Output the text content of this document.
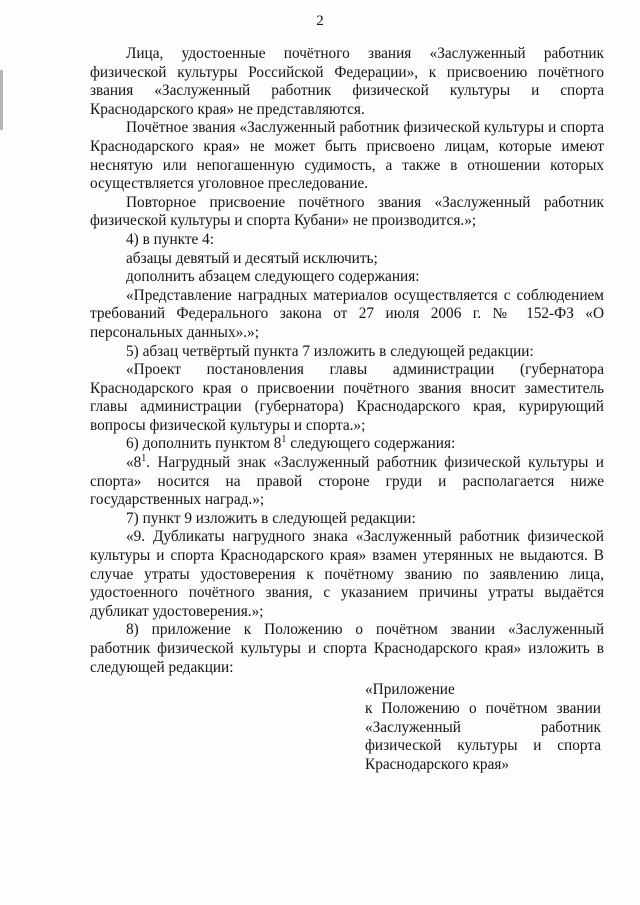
2

Лица, удостоенные почётного звания «Заслуженный работник физической культуры Российской Федерации», к присвоению почётного звания «Заслуженный работник физической культуры и спорта Краснодарского края» не представляются.

Почётное звания «Заслуженный работник физической культуры и спорта Краснодарского края» не может быть присвоено лицам, которые имеют неснятую или непогашенную судимость, а также в отношении которых осуществляется уголовное преследование.

Повторное присвоение почётного звания «Заслуженный работник физической культуры и спорта Кубани» не производится.»;

4) в пункте 4:

абзацы девятый и десятый исключить;

дополнить абзацем следующего содержания:

«Представление наградных материалов осуществляется с соблюдением требований Федерального закона от 27 июля 2006 г. № 152-ФЗ «О персональных данных».»;

5) абзац четвёртый пункта 7 изложить в следующей редакции:

«Проект постановления главы администрации (губернатора Краснодарского края о присвоении почётного звания вносит заместитель главы администрации (губернатора) Краснодарского края, курирующий вопросы физической культуры и спорта.»;

6) дополнить пунктом $8^1$ следующего содержания:

«$8^1$. Нагрудный знак «Заслуженный работник физической культуры и спорта» носится на правой стороне груди и располагается ниже государственных наград.»;

7) пункт 9 изложить в следующей редакции:

«9. Дубликаты нагрудного знака «Заслуженный работник физической культуры и спорта Краснодарского края» взамен утерянных не выдаются. В случае утраты удостоверения к почётному званию по заявлению лица, удостоенного почётного звания, с указанием причины утраты выдаётся дубликат удостоверения.»;

8) приложение к Положению о почётном звании «Заслуженный работник физической культуры и спорта Краснодарского края» изложить в следующей редакции:

«Приложение
к Положению о почётном звании
«Заслуженный работник
физической культуры и спорта
Краснодарского края»
